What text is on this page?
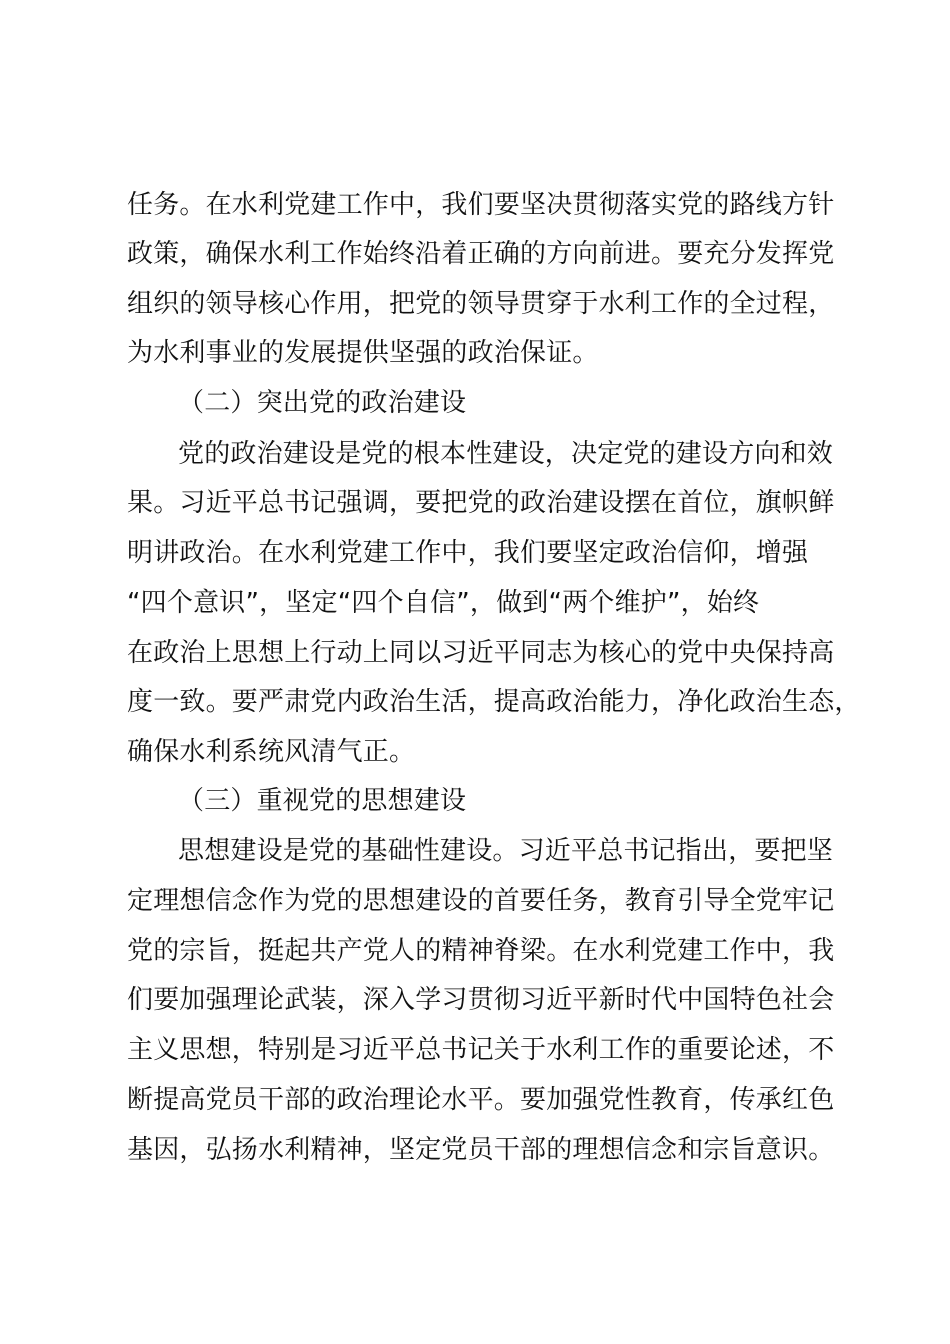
任务。在水利党建工作中，我们要坚决贯彻落实党的路线方针
政策，确保水利工作始终沿着正确的方向前进。要充分发挥党
组织的领导核心作用，把党的领导贯穿于水利工作的全过程，
为水利事业的发展提供坚强的政治保证。
（二）突出党的政治建设
党的政治建设是党的根本性建设，决定党的建设方向和效
果。习近平总书记强调，要把党的政治建设摆在首位，旗帜鲜
明讲政治。在水利党建工作中，我们要坚定政治信仰，增强
“四个意识”，坚定“四个自信”，做到“两个维护”，始终
在政治上思想上行动上同以习近平同志为核心的党中央保持高
度一致。要严肃党内政治生活，提高政治能力，净化政治生态，
确保水利系统风清气正。
（三）重视党的思想建设
思想建设是党的基础性建设。习近平总书记指出，要把坚
定理想信念作为党的思想建设的首要任务，教育引导全党牢记
党的宗旨，挺起共产党人的精神脊梁。在水利党建工作中，我
们要加强理论武装，深入学习贯彻习近平新时代中国特色社会
主义思想，特别是习近平总书记关于水利工作的重要论述，不
断提高党员干部的政治理论水平。要加强党性教育，传承红色
基因，弘扬水利精神，坚定党员干部的理想信念和宗旨意识。
